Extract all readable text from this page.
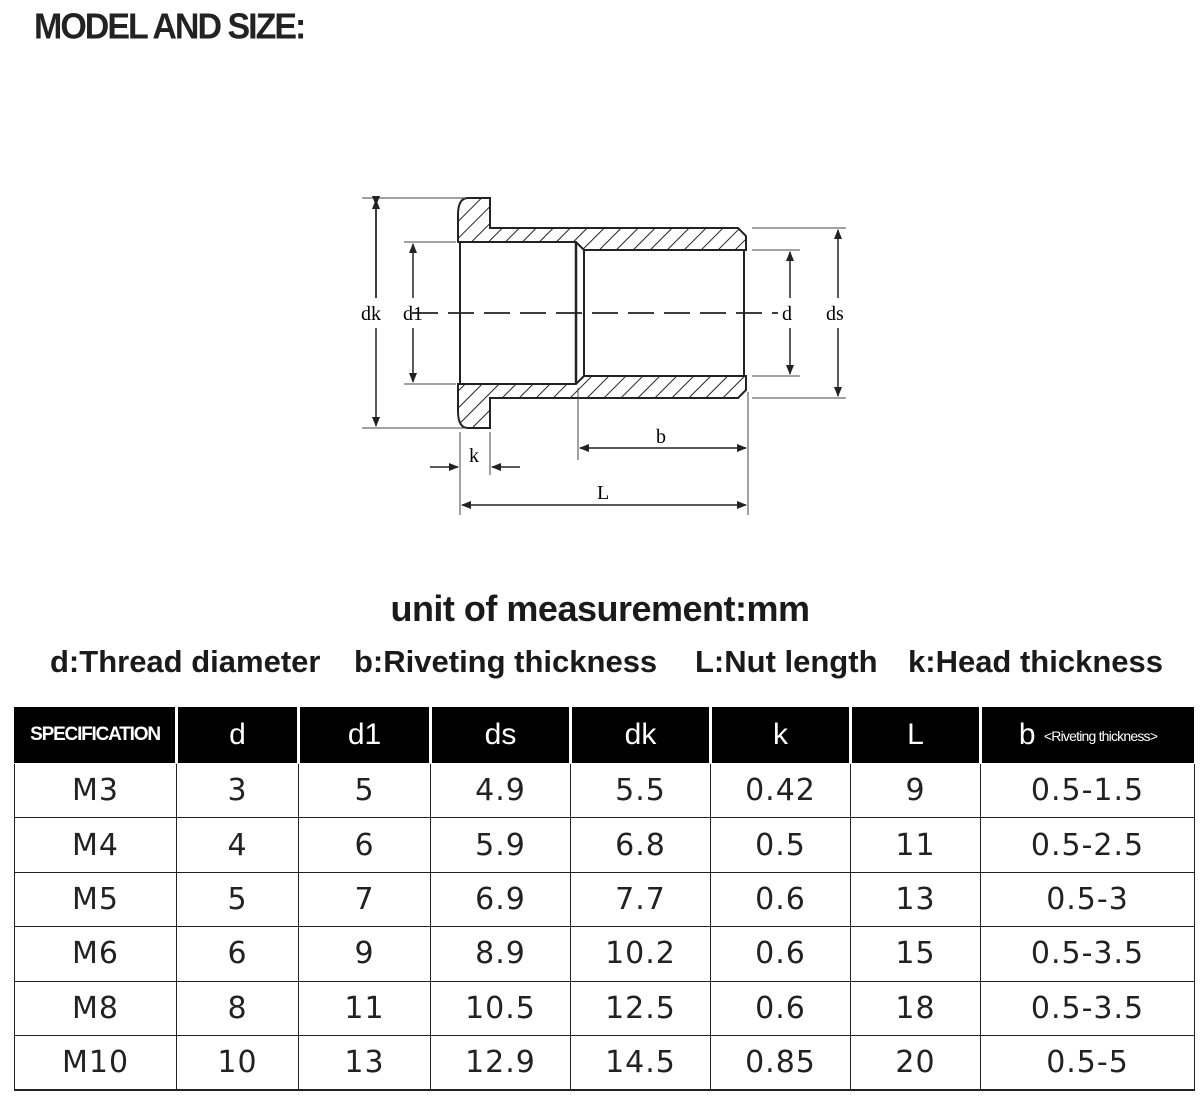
MODEL AND SIZE:
dk d1	d ds
k
b
L
unit of measurement:mm
d:Thread diameter b:Riveting thickness L:Nut length k:Head thickness
SPECIFICATION	d	d1	ds	dk	k	L	b <Riveting thickness>
M3	3	5	4.9	5.5	0.42	9	0.5-1.5
M4	4	6	5.9	6.8	0.5	11	0.5-2.5
M5	5	7	6.9	7.7	0.6	13	0.5-3
M6	6	9	8.9	10.2	0.6	15	0.5-3.5
M8	8	11	10.5	12.5	0.6	18	0.5-3.5
M10	10	13	12.9	14.5	0.85	20	0.5-5
